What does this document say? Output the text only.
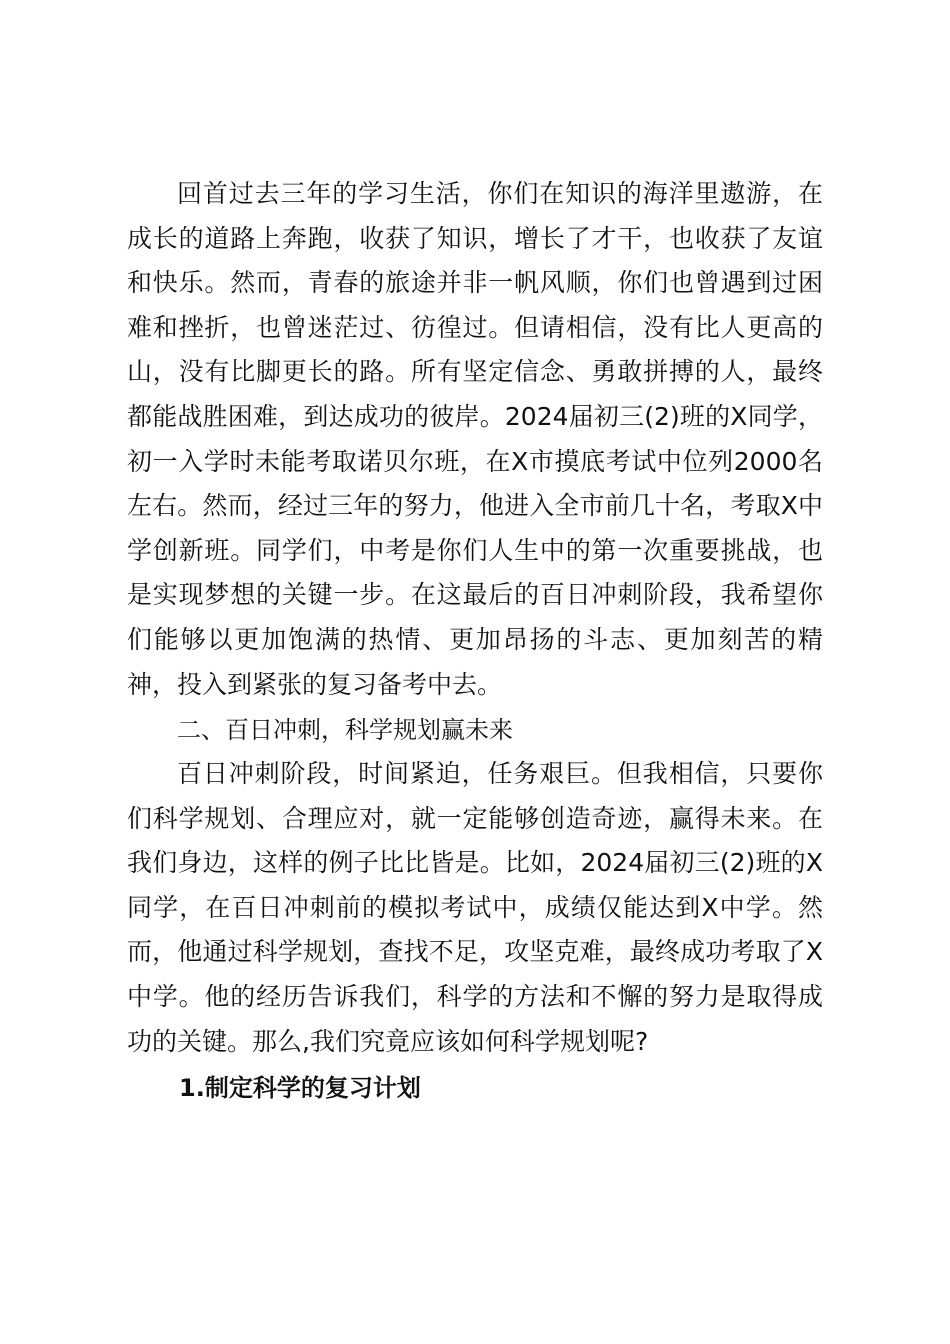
回首过去三年的学习生活，你们在知识的海洋里遨游，在成长的道路上奔跑，收获了知识，增长了才干，也收获了友谊和快乐。然而，青春的旅途并非一帆风顺，你们也曾遇到过困难和挫折，也曾迷茫过、彷徨过。但请相信，没有比人更高的山，没有比脚更长的路。所有坚定信念、勇敢拼搏的人，最终都能战胜困难，到达成功的彼岸。2024届初三(2)班的X同学，初一入学时未能考取诺贝尔班，在X市摸底考试中位列2000名左右。然而，经过三年的努力，他进入全市前几十名，考取X中学创新班。同学们，中考是你们人生中的第一次重要挑战，也是实现梦想的关键一步。在这最后的百日冲刺阶段，我希望你们能够以更加饱满的热情、更加昂扬的斗志、更加刻苦的精神，投入到紧张的复习备考中去。

二、百日冲刺，科学规划赢未来

百日冲刺阶段，时间紧迫，任务艰巨。但我相信，只要你们科学规划、合理应对，就一定能够创造奇迹，赢得未来。在我们身边，这样的例子比比皆是。比如，2024届初三(2)班的X同学，在百日冲刺前的模拟考试中，成绩仅能达到X中学。然而，他通过科学规划，查找不足，攻坚克难，最终成功考取了X中学。他的经历告诉我们，科学的方法和不懈的努力是取得成功的关键。那么,我们究竟应该如何科学规划呢?

1.制定科学的复习计划
